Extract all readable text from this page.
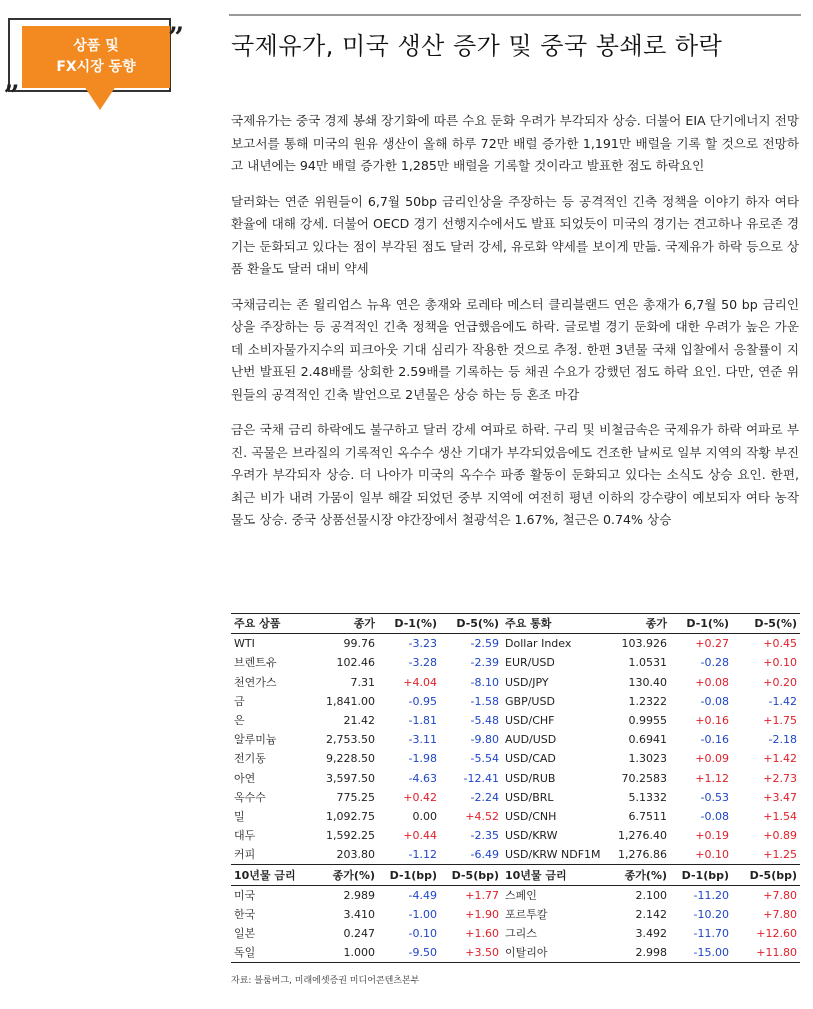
상품 및
FX시장 동향
„
” 국제유가, 미국 생산 증가 및 중국 봉쇄로 하락

국제유가는 중국 경제 봉쇄 장기화에 따른 수요 둔화 우려가 부각되자 상승. 더불어 EIA 단기에너지 전망 보고서를 통해 미국의 원유 생산이 올해 하루 72만 배럴 증가한 1,191만 배럴을 기록 할 것으로 전망하고 내년에는 94만 배럴 증가한 1,285만 배럴을 기록할 것이라고 발표한 점도 하락요인

달러화는 연준 위원들이 6,7월 50bp 금리인상을 주장하는 등 공격적인 긴축 정책을 이야기 하자 여타 환율에 대해 강세. 더불어 OECD 경기 선행지수에서도 발표 되었듯이 미국의 경기는 견고하나 유로존 경기는 둔화되고 있다는 점이 부각된 점도 달러 강세, 유로화 약세를 보이게 만듦. 국제유가 하락 등으로 상품 환율도 달러 대비 약세

국채금리는 존 윌리엄스 뉴욕 연은 총재와 로레타 메스터 클리블랜드 연은 총재가 6,7월 50 bp 금리인상을 주장하는 등 공격적인 긴축 정책을 언급했음에도 하락. 글로벌 경기 둔화에 대한 우려가 높은 가운데 소비자물가지수의 피크아웃 기대 심리가 작용한 것으로 추정. 한편 3년물 국채 입찰에서 응찰률이 지난번 발표된 2.48배를 상회한 2.59배를 기록하는 등 채권 수요가 강했던 점도 하락 요인. 다만, 연준 위원들의 공격적인 긴축 발언으로 2년물은 상승 하는 등 혼조 마감

금은 국채 금리 하락에도 불구하고 달러 강세 여파로 하락. 구리 및 비철금속은 국제유가 하락 여파로 부진. 곡물은 브라질의 기록적인 옥수수 생산 기대가 부각되었음에도 건조한 날씨로 일부 지역의 작황 부진 우려가 부각되자 상승. 더 나아가 미국의 옥수수 파종 활동이 둔화되고 있다는 소식도 상승 요인. 한편, 최근 비가 내려 가뭄이 일부 해갈 되었던 중부 지역에 여전히 평년 이하의 강수량이 예보되자 여타 농작물도 상승. 중국 상품선물시장 야간장에서 철광석은 1.67%, 철근은 0.74% 상승

주요 상품	종가	D-1(%)	D-5(%)	주요 통화	종가	D-1(%)	D-5(%)
WTI	99.76	-3.23	-2.59	Dollar Index	103.926	+0.27	+0.45
브렌트유	102.46	-3.28	-2.39	EUR/USD	1.0531	-0.28	+0.10
천연가스	7.31	+4.04	-8.10	USD/JPY	130.40	+0.08	+0.20
금	1,841.00	-0.95	-1.58	GBP/USD	1.2322	-0.08	-1.42
은	21.42	-1.81	-5.48	USD/CHF	0.9955	+0.16	+1.75
알루미늄	2,753.50	-3.11	-9.80	AUD/USD	0.6941	-0.16	-2.18
전기동	9,228.50	-1.98	-5.54	USD/CAD	1.3023	+0.09	+1.42
아연	3,597.50	-4.63	-12.41	USD/RUB	70.2583	+1.12	+2.73
옥수수	775.25	+0.42	-2.24	USD/BRL	5.1332	-0.53	+3.47
밀	1,092.75	0.00	+4.52	USD/CNH	6.7511	-0.08	+1.54
대두	1,592.25	+0.44	-2.35	USD/KRW	1,276.40	+0.19	+0.89
커피	203.80	-1.12	-6.49	USD/KRW NDF1M	1,276.86	+0.10	+1.25
10년물 금리	종가(%)	D-1(bp)	D-5(bp)	10년물 금리	종가(%)	D-1(bp)	D-5(bp)
미국	2.989	-4.49	+1.77	스페인	2.100	-11.20	+7.80
한국	3.410	-1.00	+1.90	포르투칼	2.142	-10.20	+7.80
일본	0.247	-0.10	+1.60	그리스	3.492	-11.70	+12.60
독일	1.000	-9.50	+3.50	이탈리아	2.998	-15.00	+11.80
자료: 블룸버그, 미래에셋증권 미디어콘텐츠본부
